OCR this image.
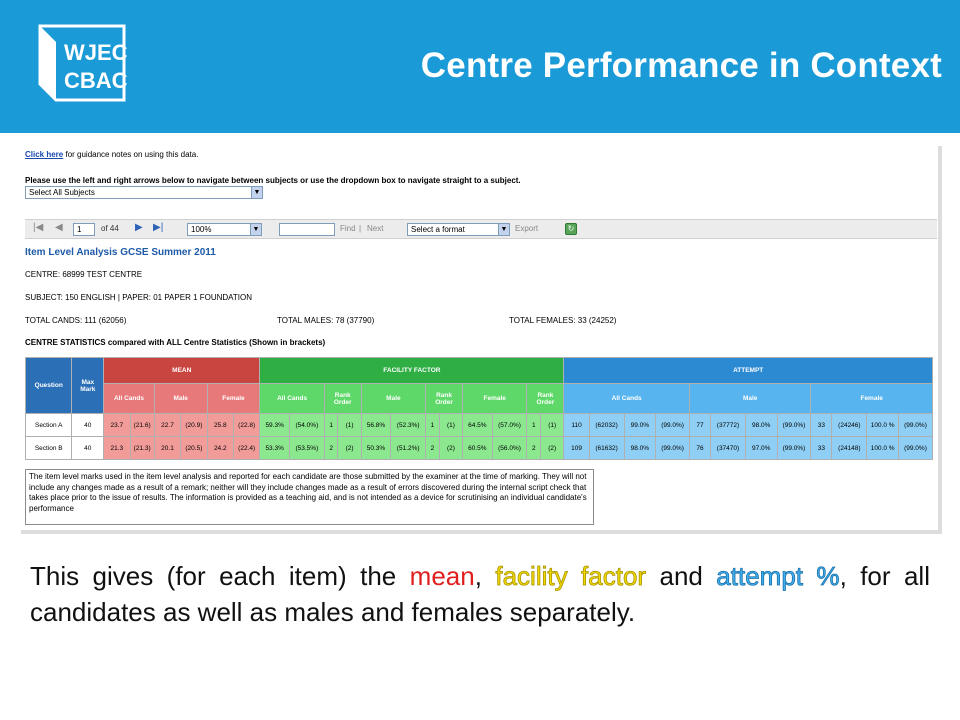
WJEC
CBAC	Centre Performance in Context
Click here for guidance notes on using this data.
Please use the left and right arrows below to navigate between subjects or use the dropdown box to navigate straight to a subject.
Select All Subjects	▼
|◀ ◀	1	of 44 ▶ ▶|	100%	▼	Find | Next	Select a format	▼ Export	↻
Item Level Analysis GCSE Summer 2011
CENTRE: 68999 TEST CENTRE
SUBJECT: 150 ENGLISH | PAPER: 01 PAPER 1 FOUNDATION
TOTAL CANDS: 111 (62056)	TOTAL MALES: 78 (37790)	TOTAL FEMALES: 33 (24252)
CENTRE STATISTICS compared with ALL Centre Statistics (Shown in brackets)
Question	Max Mark	MEAN						FACILITY FACTOR												ATTEMPT											
		All Cands		Male		Female		All Cands		Rank Order		Male		Rank Order		Female		Rank Order		All Cands				Male				Female			
Section A	40	23.7	(21.6)	22.7	(20.9)	25.8	(22.8)	59.3%	(54.0%)	1	(1)	56.8%	(52.3%)	1	(1)	64.5%	(57.0%)	1	(1)	110	(62032)	99.0%	(99.0%)	77	(37772)	98.0%	(99.0%)	33	(24246)	100.0 %	(99.0%)
Section B	40	21.3	(21.3)	20.1	(20.5)	24.2	(22.4)	53.3%	(53.5%)	2	(2)	50.3%	(51.2%)	2	(2)	60.5%	(56.0%)	2	(2)	109	(61632)	98.0%	(99.0%)	76	(37470)	97.0%	(99.0%)	33	(24148)	100.0 %	(99.0%)
The item level marks used in the item level analysis and reported for each candidate are those submitted by the examiner at the time of marking. They will not include any changes made as a result of a remark; neither will they include changes made as a result of errors discovered during the internal script check that takes place prior to the issue of results. The information is provided as a teaching aid, and is not intended as a device for scrutinising an individual candidate's performance
This gives (for each item) the mean, facility factor and attempt %, for all candidates as well as males and females separately.
